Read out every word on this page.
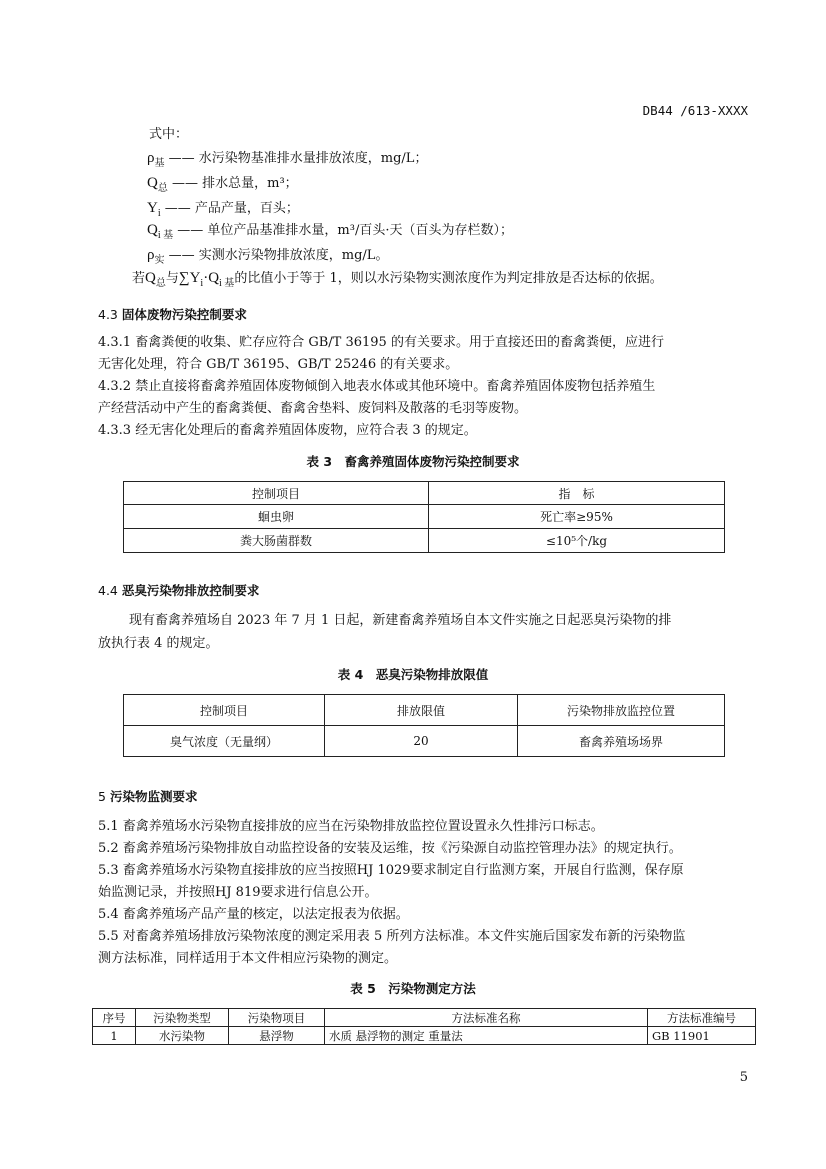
DB44 /613-XXXX
式中：
$\rho_基$ —— 水污染物基准排水量排放浓度，mg/L；
$Q_总$ —— 排水总量，m³；
$Y_i$ —— 产品产量，百头；
$Q_{i 基}$ —— 单位产品基准排水量，m³/百头·天（百头为存栏数）；
$\rho_实$ —— 实测水污染物排放浓度，mg/L。
若$Q_总$与$\sum Y_i\cdot Q_{i 基}$的比值小于等于 1，则以水污染物实测浓度作为判定排放是否达标的依据。
4.3 固体废物污染控制要求
4.3.1 畜禽粪便的收集、贮存应符合 GB/T 36195 的有关要求。用于直接还田的畜禽粪便，应进行
无害化处理，符合 GB/T 36195、GB/T 25246 的有关要求。
4.3.2 禁止直接将畜禽养殖固体废物倾倒入地表水体或其他环境中。畜禽养殖固体废物包括养殖生
产经营活动中产生的畜禽粪便、畜禽舍垫料、废饲料及散落的毛羽等废物。
4.3.3 经无害化处理后的畜禽养殖固体废物，应符合表 3 的规定。
表 3　畜禽养殖固体废物污染控制要求
控制项目	指　标
蛔虫卵	死亡率≥95%
粪大肠菌群数	≤10⁵个/kg
4.4 恶臭污染物排放控制要求
现有畜禽养殖场自 2023 年 7 月 1 日起，新建畜禽养殖场自本文件实施之日起恶臭污染物的排
放执行表 4 的规定。
表 4　恶臭污染物排放限值
控制项目	排放限值	污染物排放监控位置
臭气浓度（无量纲）	20	畜禽养殖场场界
5 污染物监测要求
5.1 畜禽养殖场水污染物直接排放的应当在污染物排放监控位置设置永久性排污口标志。
5.2 畜禽养殖场污染物排放自动监控设备的安装及运维，按《污染源自动监控管理办法》的规定执行。
5.3 畜禽养殖场水污染物直接排放的应当按照HJ 1029要求制定自行监测方案，开展自行监测，保存原
始监测记录，并按照HJ 819要求进行信息公开。
5.4 畜禽养殖场产品产量的核定，以法定报表为依据。
5.5 对畜禽养殖场排放污染物浓度的测定采用表 5 所列方法标准。本文件实施后国家发布新的污染物监
测方法标准，同样适用于本文件相应污染物的测定。
表 5　污染物测定方法
序号	污染物类型	污染物项目	方法标准名称	方法标准编号
1	水污染物	悬浮物	水质 悬浮物的测定 重量法	GB 11901
5
